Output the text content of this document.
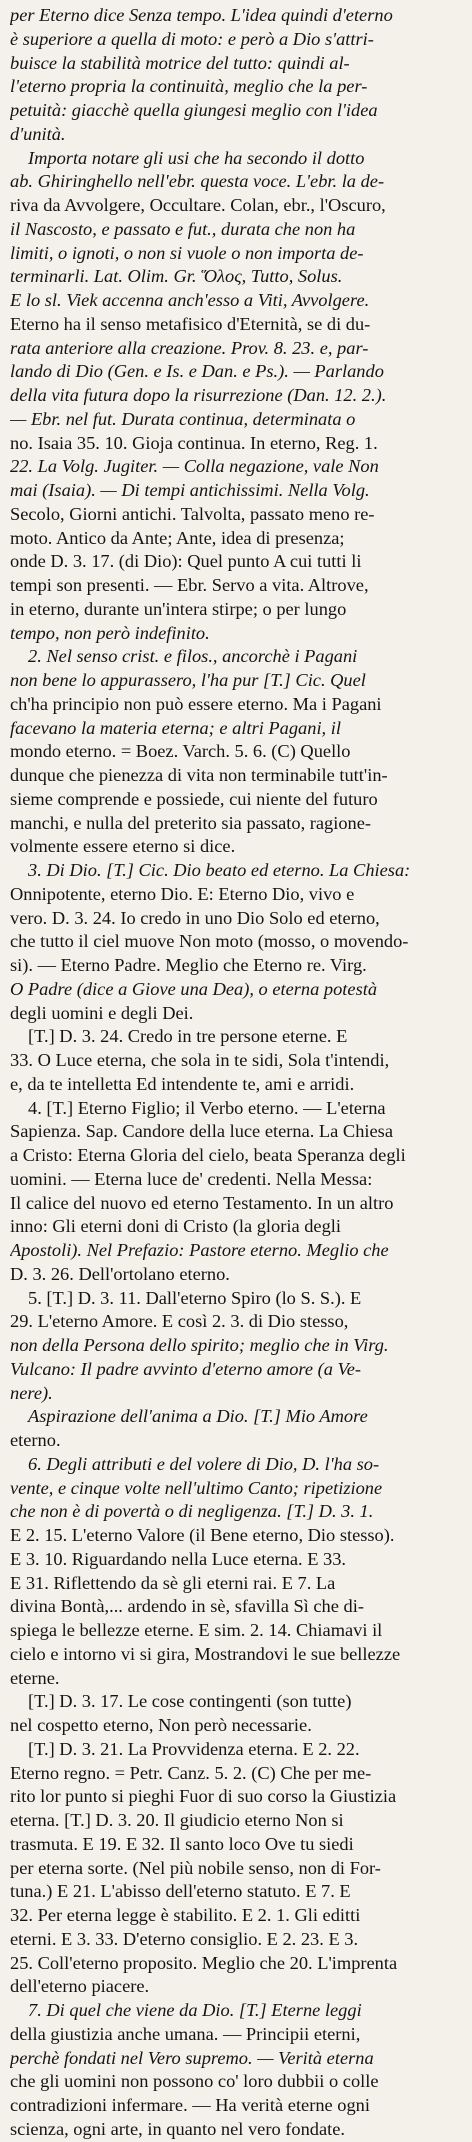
per Eterno dice Senza tempo. L'idea quindi d'eterno
è superiore a quella di moto: e però a Dio s'attri-
buisce la stabilità motrice del tutto: quindi al-
l'eterno propria la continuità, meglio che la per-
petuità: giacchè quella giungesi meglio con l'idea
d'unità.
Importa notare gli usi che ha secondo il dotto
ab. Ghiringhello nell'ebr. questa voce. L'ebr. la de-
riva da Avvolgere, Occultare. Colan, ebr., l'Oscuro,
il Nascosto, e passato e fut., durata che non ha
limiti, o ignoti, o non si vuole o non importa de-
terminarli. Lat. Olim. Gr. Ὅλος, Tutto, Solus.
E lo sl. Viek accenna anch'esso a Viti, Avvolgere.
Eterno ha il senso metafisico d'Eternità, se di du-
rata anteriore alla creazione. Prov. 8. 23. e, par-
lando di Dio (Gen. e Is. e Dan. e Ps.). — Parlando
della vita futura dopo la risurrezione (Dan. 12. 2.).
— Ebr. nel fut. Durata continua, determinata o
no. Isaia 35. 10. Gioja continua. In eterno, Reg. 1.
22. La Volg. Jugiter. — Colla negazione, vale Non
mai (Isaia). — Di tempi antichissimi. Nella Volg.
Secolo, Giorni antichi. Talvolta, passato meno re-
moto. Antico da Ante; Ante, idea di presenza;
onde D. 3. 17. (di Dio): Quel punto A cui tutti li
tempi son presenti. — Ebr. Servo a vita. Altrove,
in eterno, durante un'intera stirpe; o per lungo
tempo, non però indefinito.
2. Nel senso crist. e filos., ancorchè i Pagani
non bene lo appurassero, l'ha pur [T.] Cic. Quel
ch'ha principio non può essere eterno. Ma i Pagani
facevano la materia eterna; e altri Pagani, il
mondo eterno. = Boez. Varch. 5. 6. (C) Quello
dunque che pienezza di vita non terminabile tutt'in-
sieme comprende e possiede, cui niente del futuro
manchi, e nulla del preterito sia passato, ragione-
volmente essere eterno si dice.
3. Di Dio. [T.] Cic. Dio beato ed eterno. La Chiesa:
Onnipotente, eterno Dio. E: Eterno Dio, vivo e
vero. D. 3. 24. Io credo in uno Dio Solo ed eterno,
che tutto il ciel muove Non moto (mosso, o movendo-
si). — Eterno Padre. Meglio che Eterno re. Virg.
O Padre (dice a Giove una Dea), o eterna potestà
degli uomini e degli Dei.
[T.] D. 3. 24. Credo in tre persone eterne. E
33. O Luce eterna, che sola in te sidi, Sola t'intendi,
e, da te intelletta Ed intendente te, ami e arridi.
4. [T.] Eterno Figlio; il Verbo eterno. — L'eterna
Sapienza. Sap. Candore della luce eterna. La Chiesa
a Cristo: Eterna Gloria del cielo, beata Speranza degli
uomini. — Eterna luce de' credenti. Nella Messa:
Il calice del nuovo ed eterno Testamento. In un altro
inno: Gli eterni doni di Cristo (la gloria degli
Apostoli). Nel Prefazio: Pastore eterno. Meglio che
D. 3. 26. Dell'ortolano eterno.
5. [T.] D. 3. 11. Dall'eterno Spiro (lo S. S.). E
29. L'eterno Amore. E così 2. 3. di Dio stesso,
non della Persona dello spirito; meglio che in Virg.
Vulcano: Il padre avvinto d'eterno amore (a Ve-
nere).
Aspirazione dell'anima a Dio. [T.] Mio Amore
eterno.
6. Degli attributi e del volere di Dio, D. l'ha so-
vente, e cinque volte nell'ultimo Canto; ripetizione
che non è di povertà o di negligenza. [T.] D. 3. 1.
E 2. 15. L'eterno Valore (il Bene eterno, Dio stesso).
E 3. 10. Riguardando nella Luce eterna. E 33.
E 31. Riflettendo da sè gli eterni rai. E 7. La
divina Bontà,... ardendo in sè, sfavilla Sì che di-
spiega le bellezze eterne. E sim. 2. 14. Chiamavi il
cielo e intorno vi si gira, Mostrandovi le sue bellezze
eterne.
[T.] D. 3. 17. Le cose contingenti (son tutte)
nel cospetto eterno, Non però necessarie.
[T.] D. 3. 21. La Provvidenza eterna. E 2. 22.
Eterno regno. = Petr. Canz. 5. 2. (C) Che per me-
rito lor punto si pieghi Fuor di suo corso la Giustizia
eterna. [T.] D. 3. 20. Il giudicio eterno Non si
trasmuta. E 19. E 32. Il santo loco Ove tu siedi
per eterna sorte. (Nel più nobile senso, non di For-
tuna.) E 21. L'abisso dell'eterno statuto. E 7. E
32. Per eterna legge è stabilito. E 2. 1. Gli editti
eterni. E 3. 33. D'eterno consiglio. E 2. 23. E 3.
25. Coll'eterno proposito. Meglio che 20. L'imprenta
dell'eterno piacere.
7. Di quel che viene da Dio. [T.] Eterne leggi
della giustizia anche umana. — Principii eterni,
perchè fondati nel Vero supremo. — Verità eterna
che gli uomini non possono co' loro dubbii o colle
contradizioni infermare. — Ha verità eterne ogni
scienza, ogni arte, in quanto nel vero fondate.
